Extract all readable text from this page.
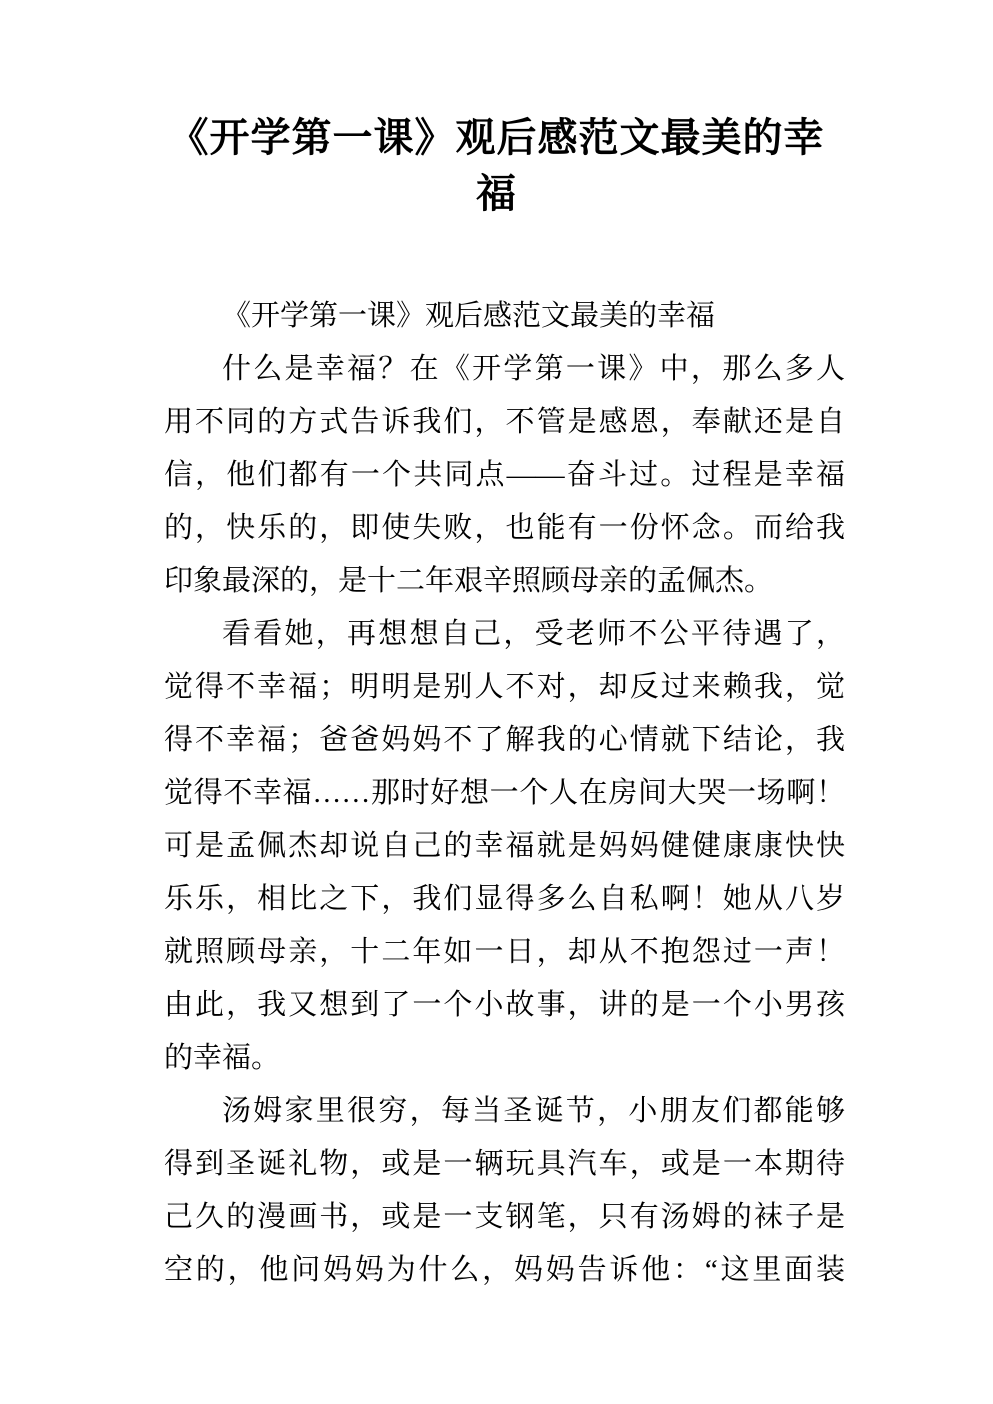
《开学第一课》观后感范文最美的幸
福
《开学第一课》观后感范文最美的幸福
什么是幸福？在《开学第一课》中，那么多人
用不同的方式告诉我们，不管是感恩，奉献还是自
信，他们都有一个共同点——奋斗过。过程是幸福
的，快乐的，即使失败，也能有一份怀念。而给我
印象最深的，是十二年艰辛照顾母亲的孟佩杰。
看看她，再想想自己，受老师不公平待遇了，
觉得不幸福；明明是别人不对，却反过来赖我，觉
得不幸福；爸爸妈妈不了解我的心情就下结论，我
觉得不幸福……那时好想一个人在房间大哭一场啊！
可是孟佩杰却说自己的幸福就是妈妈健健康康快快
乐乐，相比之下，我们显得多么自私啊！她从八岁
就照顾母亲，十二年如一日，却从不抱怨过一声！
由此，我又想到了一个小故事，讲的是一个小男孩
的幸福。
汤姆家里很穷，每当圣诞节，小朋友们都能够
得到圣诞礼物，或是一辆玩具汽车，或是一本期待
己久的漫画书，或是一支钢笔，只有汤姆的袜子是
空的，他问妈妈为什么，妈妈告诉他：“这里面装
